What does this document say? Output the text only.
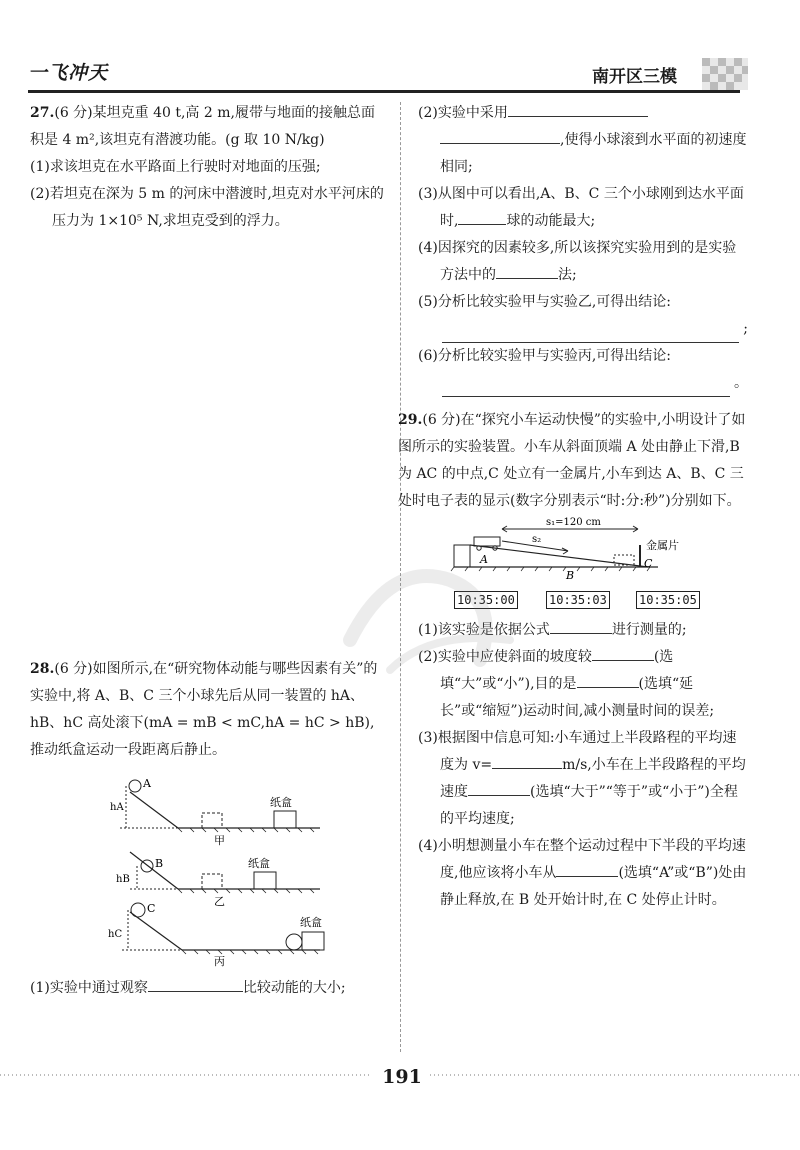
一飞冲天	南开区三模

27.(6 分)某坦克重 40 t,高 2 m,履带与地面的接触总面积是 4 m²,该坦克有潜渡功能。(g 取 10 N/kg)

(1)求该坦克在水平路面上行驶时对地面的压强;

(2)若坦克在深为 5 m 的河床中潜渡时,坦克对水平河床的压力为 1×10⁵ N,求坦克受到的浮力。

28.(6 分)如图所示,在“研究物体动能与哪些因素有关”的实验中,将 A、B、C 三个小球先后从同一装置的 hA、hB、hC 高处滚下(mA = mB < mC,hA = hC > hB),推动纸盒运动一段距离后静止。

A
hA	纸盒
甲
B
hB
纸盒
乙
C
hC
纸盒
丙

(1)实验中通过观察	比较动能的大小;

(2)实验中采用
,使得小球滚到水平面的初速度相同;

(3)从图中可以看出,A、B、C 三个小球刚到达水平面时,	球的动能最大;

(4)因探究的因素较多,所以该探究实验用到的是实验方法中的	法;

(5)分析比较实验甲与实验乙,可得出结论:

;

(6)分析比较实验甲与实验丙,可得出结论:

。

29.(6 分)在“探究小车运动快慢”的实验中,小明设计了如图所示的实验装置。小车从斜面顶端 A 处由静止下滑,B 为 AC 的中点,C 处立有一金属片,小车到达 A、B、C 三处时电子表的显示(数字分别表示“时:分:秒”)分别如下。

s₁=120 cm
s₂	金属片
A
B
C
10:35:00	10:35:03	10:35:05

(1)该实验是依据公式	进行测量的;

(2)实验中应使斜面的坡度较	(选填“大”或“小”),目的是	(选填“延长”或“缩短”)运动时间,减小测量时间的误差;

(3)根据图中信息可知:小车通过上半段路程的平均速度为 v=	m/s,小车在上半段路程的平均速度	(选填“大于”“等于”或“小于”)全程的平均速度;

(4)小明想测量小车在整个运动过程中下半段的平均速度,他应该将小车从	(选填“A”或“B”)处由静止释放,在 B 处开始计时,在 C 处停止计时。

191
